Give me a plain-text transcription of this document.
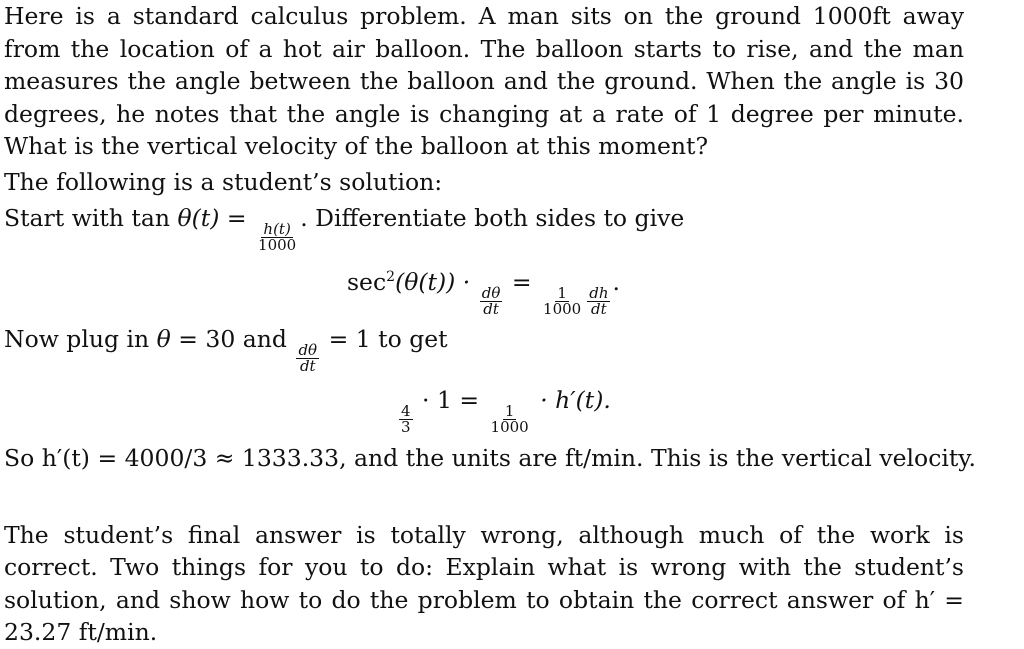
Here is a standard calculus problem. A man sits on the ground 1000ft away from the location of a hot air balloon. The balloon starts to rise, and the man measures the angle between the balloon and the ground. When the angle is 30 degrees, he notes that the angle is changing at a rate of 1 degree per minute. What is the vertical velocity of the balloon at this moment?

The following is a student’s solution:
Start with tan θ(t) =
$\frac{h(t)}{1000}$
. Differentiate both sides to give
$\sec^2(\theta(t))$ ·
$\frac{d\theta}{dt}$
=
$\frac{1}{1000} \frac{dh}{dt}$
.
Now plug in θ = 30 and
$\frac{d\theta}{dt}$
= 1 to get
$\frac{4}{3}$
· 1 =
$\frac{1}{1000}$
· h′(t).
So h′(t) = 4000/3 ≈ 1333.33, and the units are ft/min. This is the vertical velocity.

The student’s final answer is totally wrong, although much of the work is correct. Two things for you to do: Explain what is wrong with the student’s solution, and show how to do the problem to obtain the correct answer of h′ = 23.27 ft/min.
